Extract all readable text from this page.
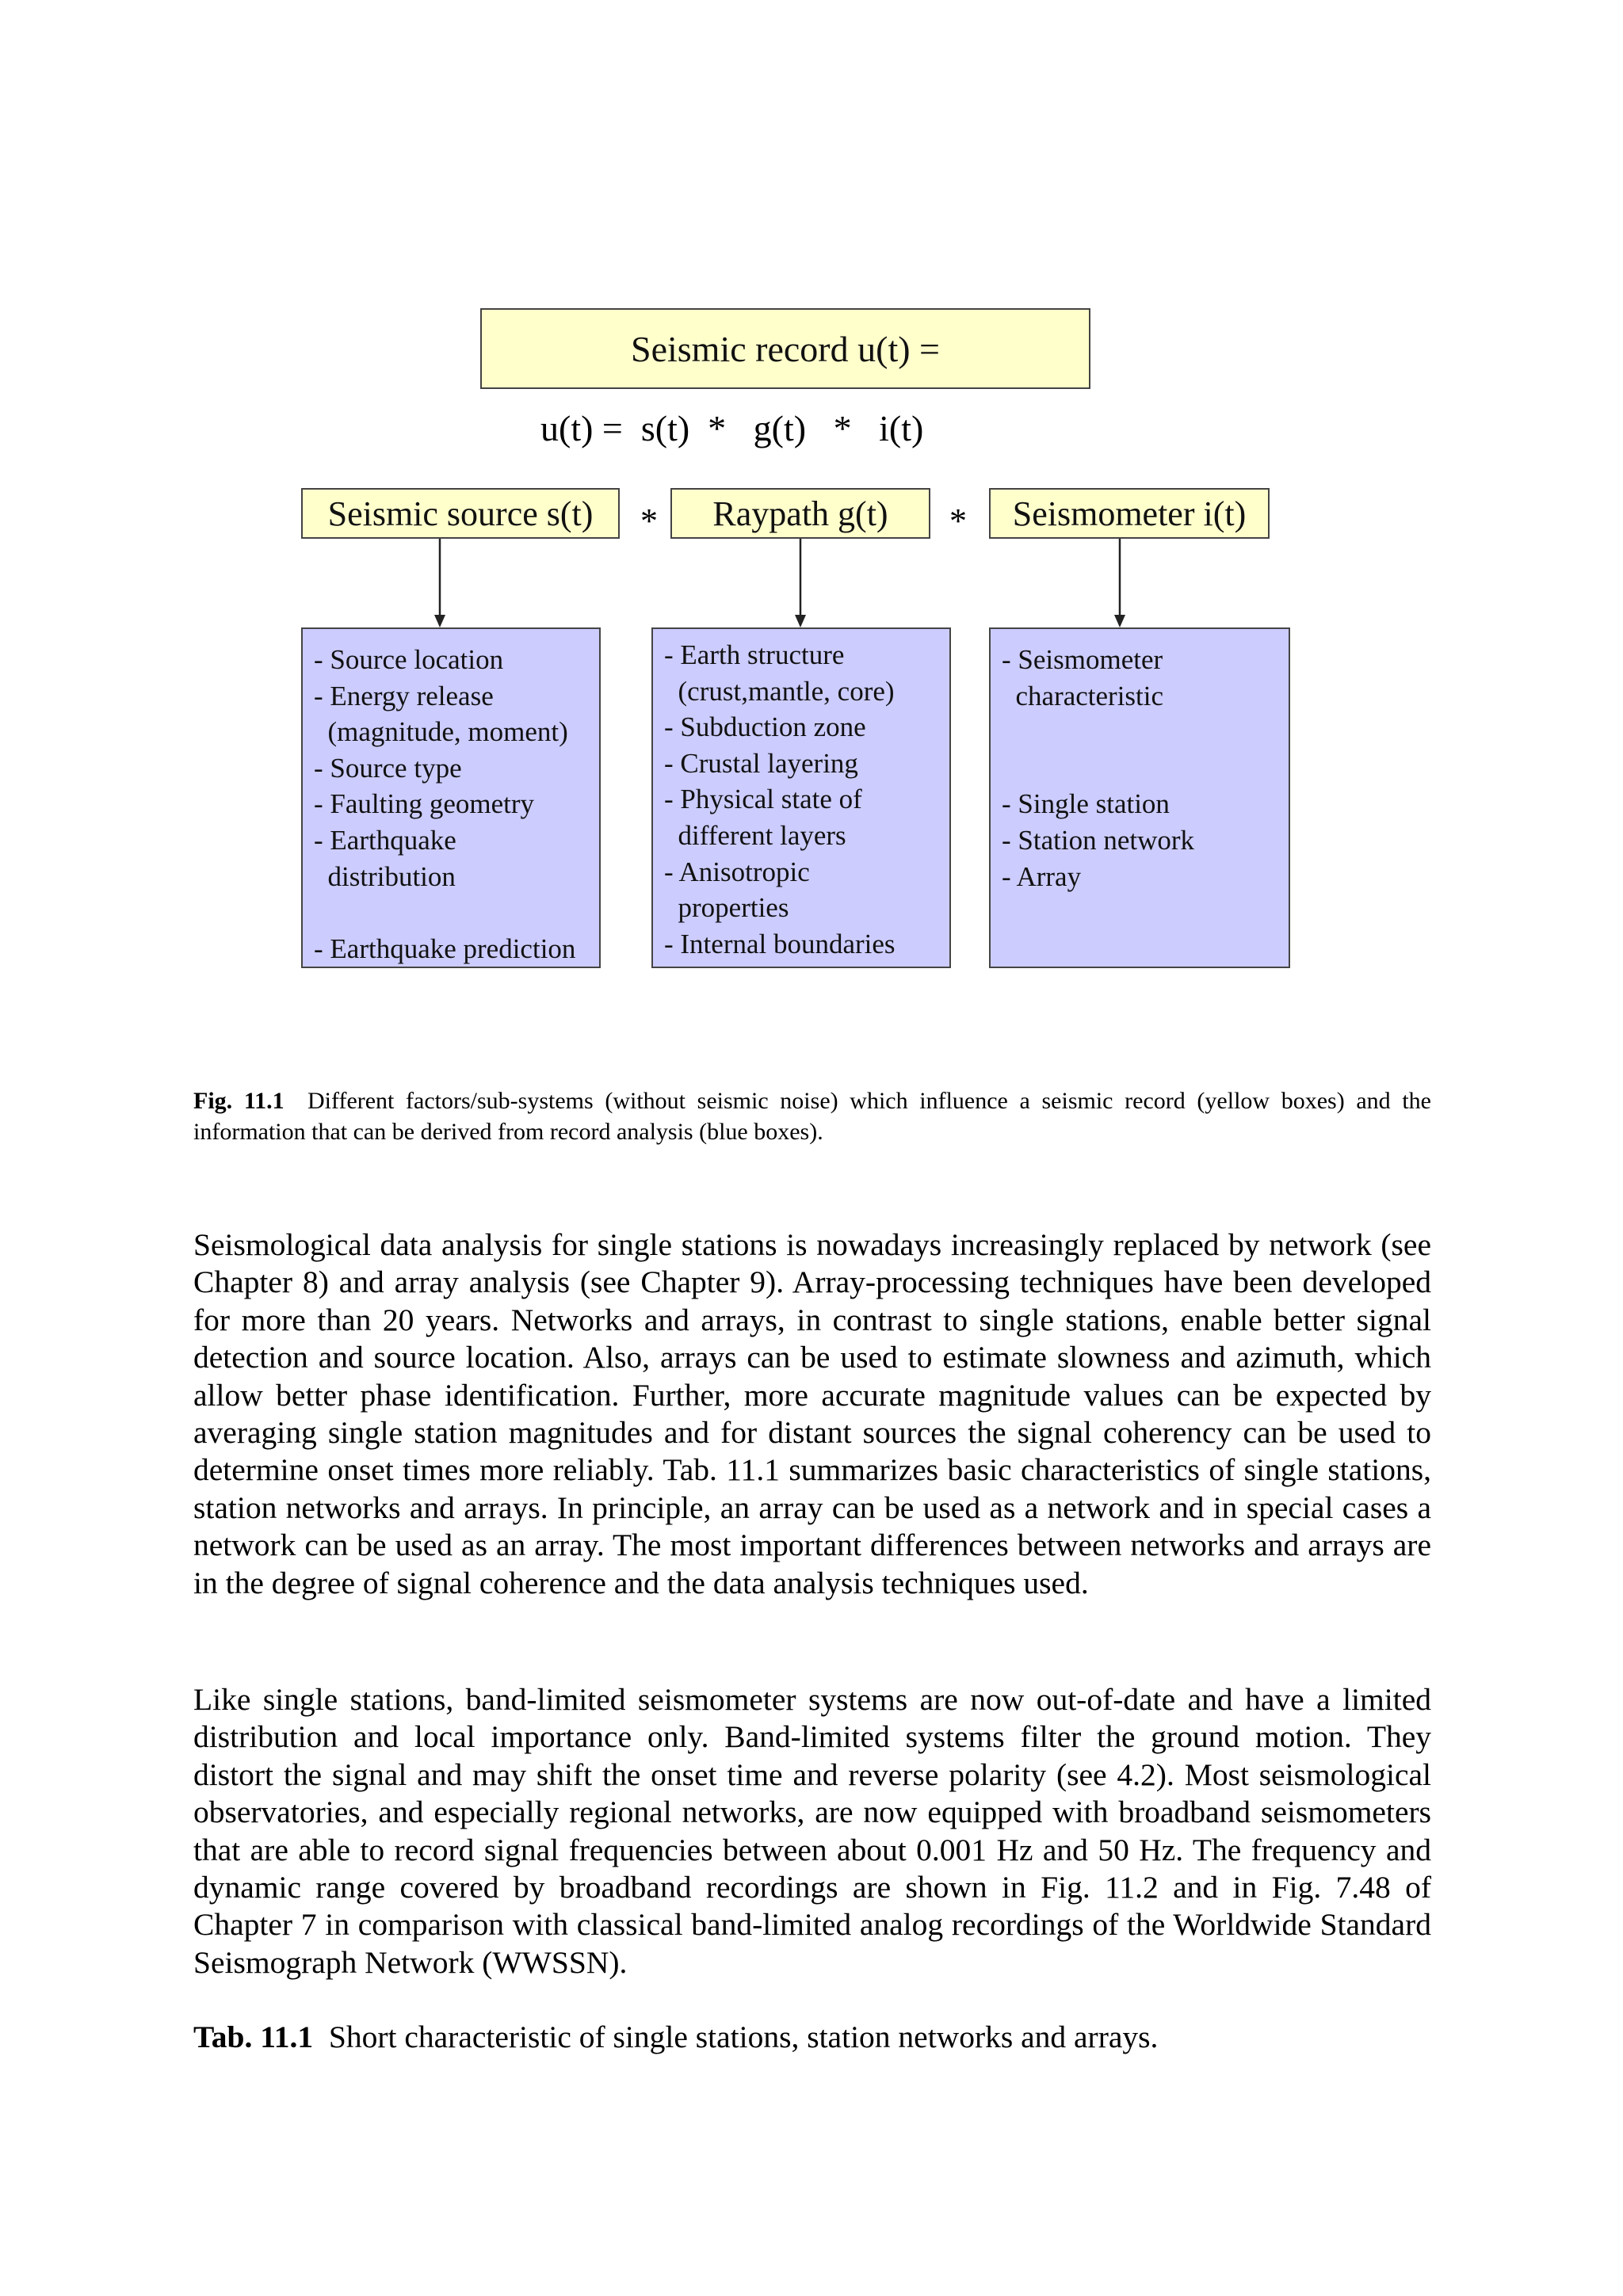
Seismic record u(t) =
u(t) =  s(t)  *   g(t)   *   i(t)
Seismic source s(t) * Raypath g(t) * Seismometer i(t)
- Source location
- Energy release
(magnitude, moment)
- Source type
- Faulting geometry
- Earthquake
distribution

- Earthquake prediction
- Earth structure
(crust,mantle, core)
- Subduction zone
- Crustal layering
- Physical state of
different layers
- Anisotropic
properties
- Internal boundaries
- Seismometer
characteristic

- Single station
- Station network
- Array
Fig. 11.1 Different factors/sub-systems (without seismic noise) which influence a seismic record (yellow boxes) and the information that can be derived from record analysis (blue boxes).

Seismological data analysis for single stations is nowadays increasingly replaced by network (see Chapter 8) and array analysis (see Chapter 9). Array-processing techniques have been developed for more than 20 years. Networks and arrays, in contrast to single stations, enable better signal detection and source location. Also, arrays can be used to estimate slowness and azimuth, which allow better phase identification. Further, more accurate magnitude values can be expected by averaging single station magnitudes and for distant sources the signal coherency can be used to determine onset times more reliably. Tab. 11.1 summarizes basic characteristics of single stations, station networks and arrays. In principle, an array can be used as a network and in special cases a network can be used as an array. The most important differences between networks and arrays are in the degree of signal coherence and the data analysis techniques used.

Like single stations, band-limited seismometer systems are now out-of-date and have a limited distribution and local importance only. Band-limited systems filter the ground motion. They distort the signal and may shift the onset time and reverse polarity (see 4.2). Most seismological observatories, and especially regional networks, are now equipped with broadband seismometers that are able to record signal frequencies between about 0.001 Hz and 50 Hz. The frequency and dynamic range covered by broadband recordings are shown in Fig. 11.2 and in Fig. 7.48 of Chapter 7 in comparison with classical band-limited analog recordings of the Worldwide Standard Seismograph Network (WWSSN).

Tab. 11.1 Short characteristic of single stations, station networks and arrays.
